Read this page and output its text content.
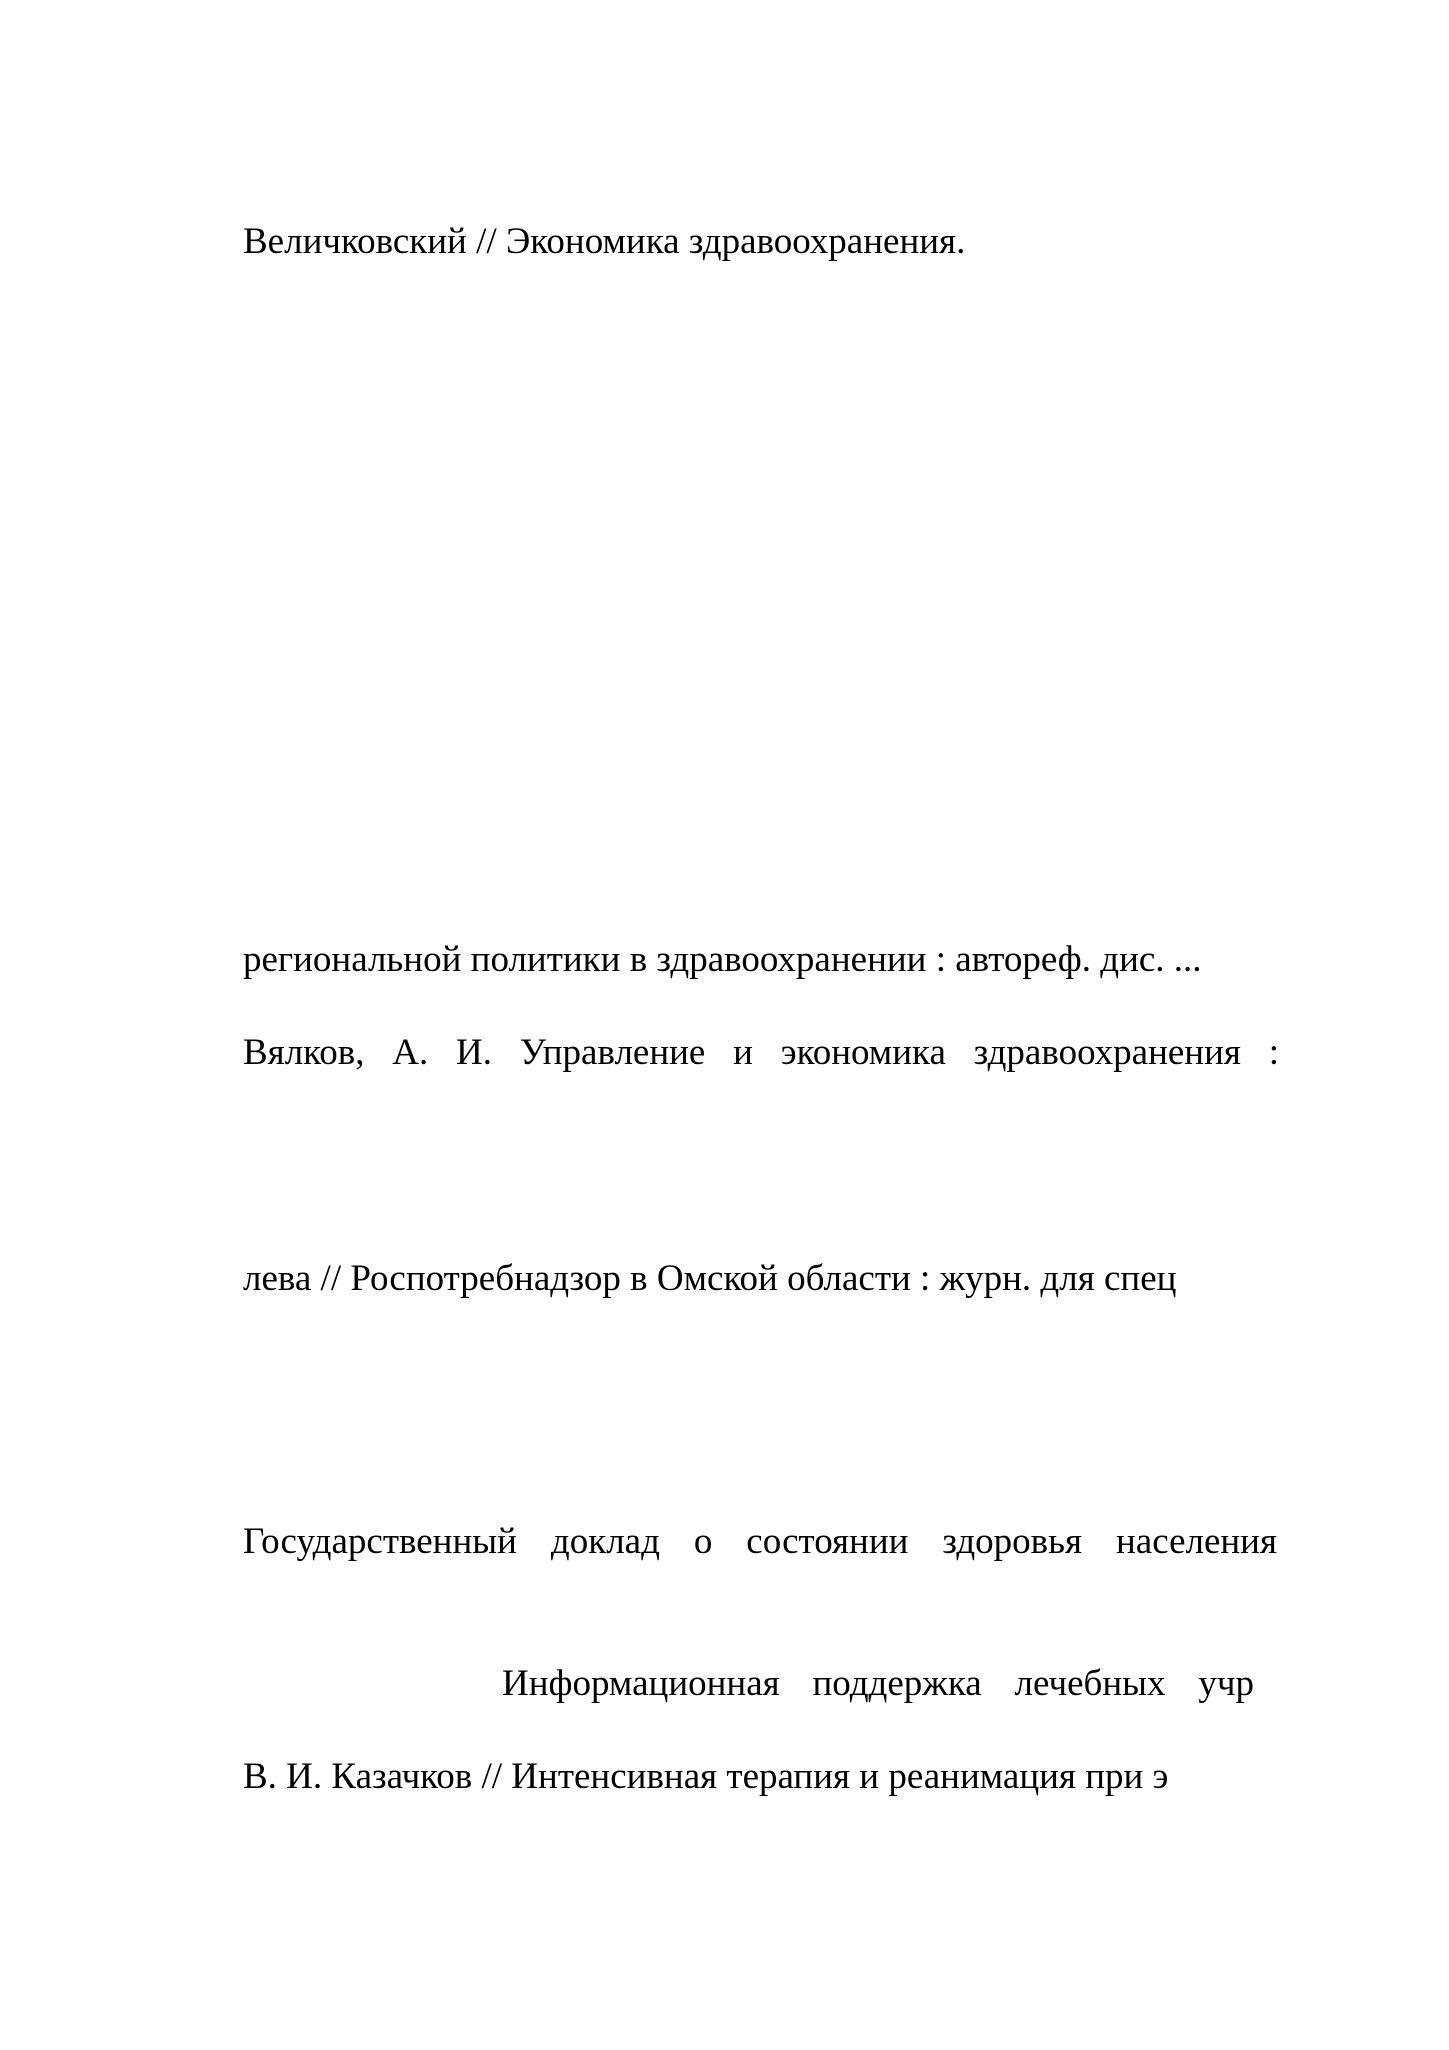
Величковский // Экономика здравоохранения.
региональной политики в здравоохранении : автореф. дис. ...
Вялков, А. И. Управление и экономика здравоохранения :
лева // Роспотребнадзор в Омской области : журн. для спец
Государственный доклад о состоянии здоровья населения
Информационная поддержка лечебных учр
В. И. Казачков // Интенсивная терапия и реанимация при э
